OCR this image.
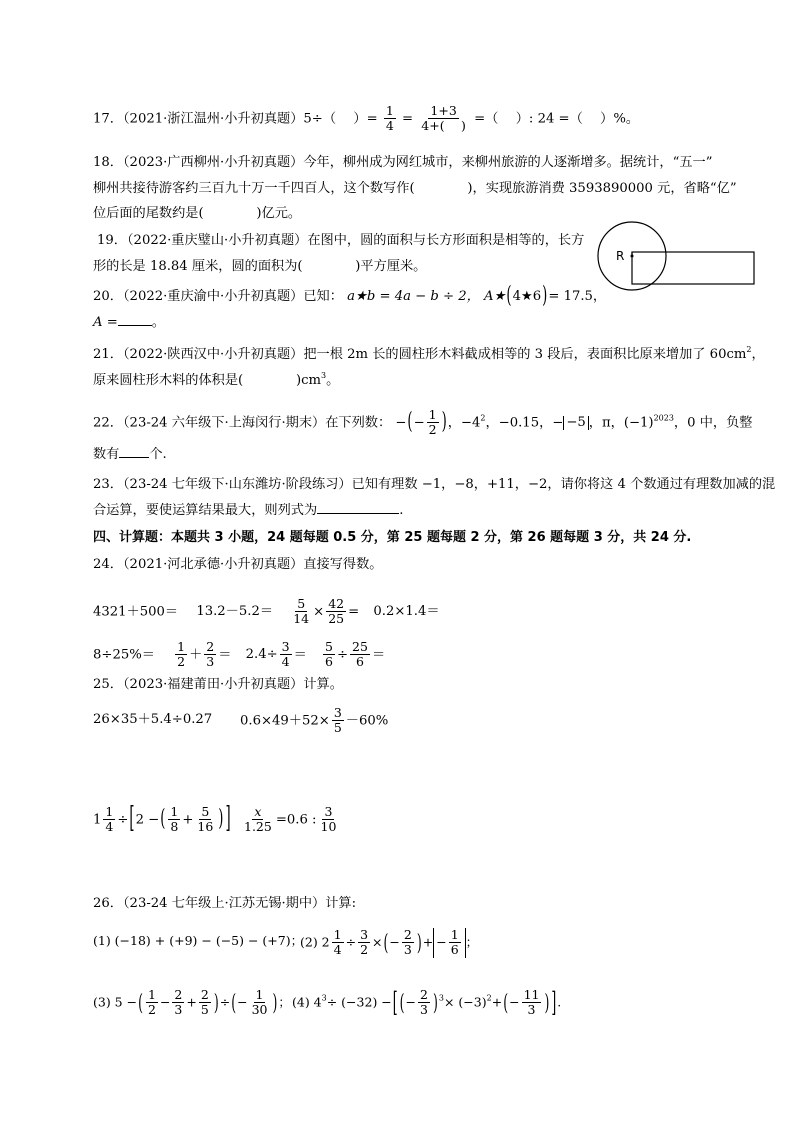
17．（2021·浙江温州·小升初真题）5÷（　 ）= $\frac{1}{4} = \frac{1+3}{4+( )}$ =（　 ）: 24 =（　 ）%。
18．（2023·广西柳州·小升初真题）今年，柳州成为网红城市，来柳州旅游的人逐渐增多。据统计，“五一”
柳州共接待游客约三百九十万一千四百人，这个数写作(　　　　)，实现旅游消费 3593890000 元，省略“亿”
位后面的尾数约是(　　　　)亿元。
19．（2022·重庆璧山·小升初真题）在图中，圆的面积与长方形面积是相等的，长方
形的长是 18.84 厘米，圆的面积为(　　　　)平方厘米。
R
20．（2022·重庆渝中·小升初真题）已知： a★b = 4a − b ÷ 2， A★(4★6)= 17.5，
A =	。
21．（2022·陕西汉中·小升初真题）把一根 2m 长的圆柱形木料截成相等的 3 段后，表面积比原来增加了 $60cm^2$，
原来圆柱形木料的体积是(　　　　)$cm^3$。
22．（23-24 六年级下·上海闵行·期末）在下列数： −(− $\frac{1}{2}$ )，$-4^2$，−0.15，− −5 ，π，$(-1)^{2023}$，0 中，负整
数有 个.
23．（23-24 七年级下·山东潍坊·阶段练习）已知有理数 −1，−8，+11，−2，请你将这 4 个数通过有理数加减的混
合运算，要使运算结果最大，则列式为	.
四、计算题：本题共 3 小题，24 题每题 0.5 分，第 25 题每题 2 分，第 26 题每题 3 分，共 24 分.
24．（2021·河北承德·小升初真题）直接写得数。
$4321+500= 13.2-5.2= \frac{5}{14} \times \frac{42}{25} = 0.2\times 1.4=$
$8\div 25\%= \frac{1}{2} + \frac{2}{3} = 2.4\div \frac{3}{4} = \frac{5}{6} \div \frac{25}{6}$ ＝
25．（2023·福建莆田·小升初真题）计算。
26×35＋5.4÷0.27 $0.6\times 49+52\times \frac{3}{5} -60\%$
$1 \frac{1}{4} \div[2$ −( $\frac{1}{8} + \frac{5}{16}$ ) ] $\frac{x}{1.25} =0.6$ : $\frac{3}{10}$
26．（23-24 七年级上·江苏无锡·期中）计算:
(1) (−18) + (+9) − (−5) − (+7)；
(2) $2 \frac{1}{4} \div \frac{3}{2}$ ×(− $\frac{2}{3}$ )+ − $\frac{1}{6}$ ；
(3) 5 −( $\frac{1}{2} - \frac{2}{3} + \frac{2}{5}$ )÷(− $\frac{1}{30}$ )； (4) $4^3\div (-32)$ −[ (− $\frac{2}{3} )^3\times (-3)^2+(- \frac{11}{3}$ ) ].
